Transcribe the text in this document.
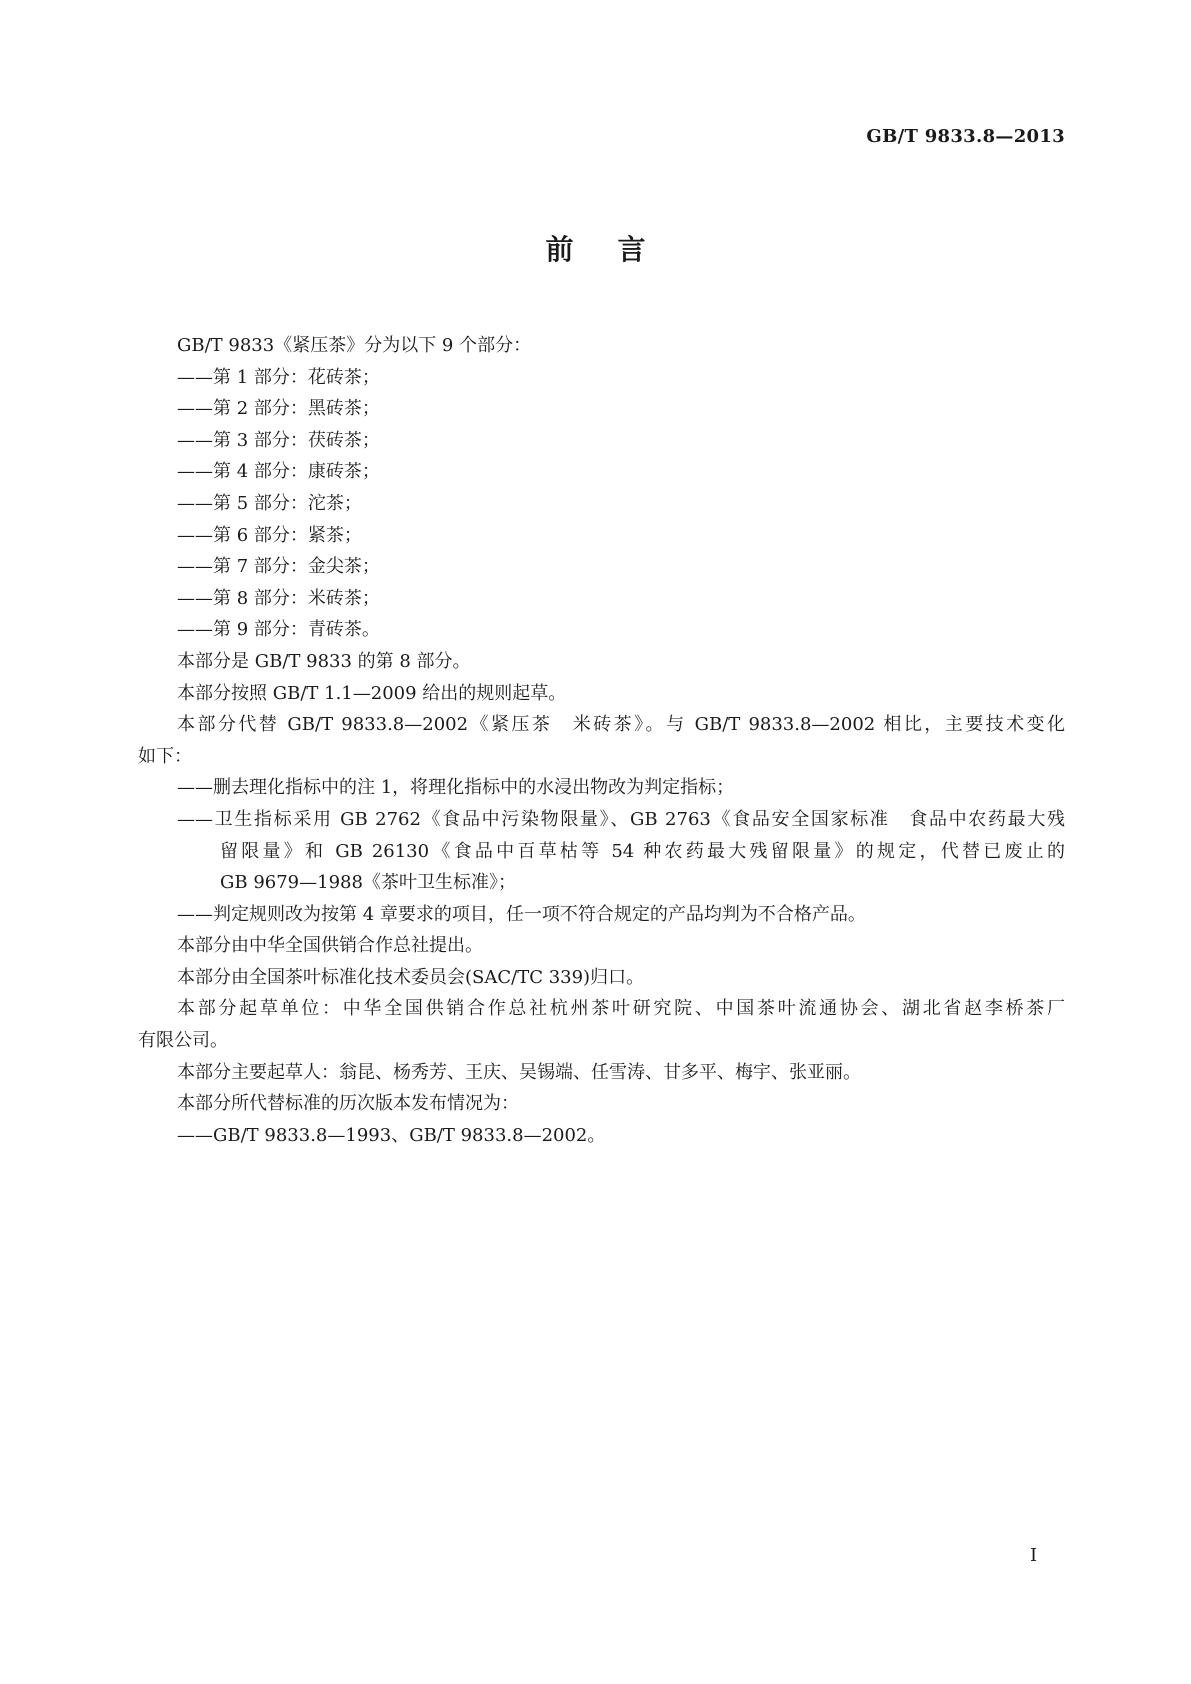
GB/T 9833.8—2013
前 言
GB/T 9833《紧压茶》分为以下 9 个部分：
——第 1 部分：花砖茶；
——第 2 部分：黑砖茶；
——第 3 部分：茯砖茶；
——第 4 部分：康砖茶；
——第 5 部分：沱茶；
——第 6 部分：紧茶；
——第 7 部分：金尖茶；
——第 8 部分：米砖茶；
——第 9 部分：青砖茶。
本部分是 GB/T 9833 的第 8 部分。
本部分按照 GB/T 1.1—2009 给出的规则起草。
本部分代替 GB/T 9833.8—2002《紧压茶　米砖茶》。与 GB/T 9833.8—2002 相比，主要技术变化
如下：
——删去理化指标中的注 1，将理化指标中的水浸出物改为判定指标；
——卫生指标采用 GB 2762《食品中污染物限量》、GB 2763《食品安全国家标准　食品中农药最大残
留限量》和 GB 26130《食品中百草枯等 54 种农药最大残留限量》的规定，代替已废止的
GB 9679—1988《茶叶卫生标准》；
——判定规则改为按第 4 章要求的项目，任一项不符合规定的产品均判为不合格产品。
本部分由中华全国供销合作总社提出。
本部分由全国茶叶标准化技术委员会(SAC/TC 339)归口。
本部分起草单位：中华全国供销合作总社杭州茶叶研究院、中国茶叶流通协会、湖北省赵李桥茶厂
有限公司。
本部分主要起草人：翁昆、杨秀芳、王庆、吴锡端、任雪涛、甘多平、梅宇、张亚丽。
本部分所代替标准的历次版本发布情况为：
——GB/T 9833.8—1993、GB/T 9833.8—2002。
I
